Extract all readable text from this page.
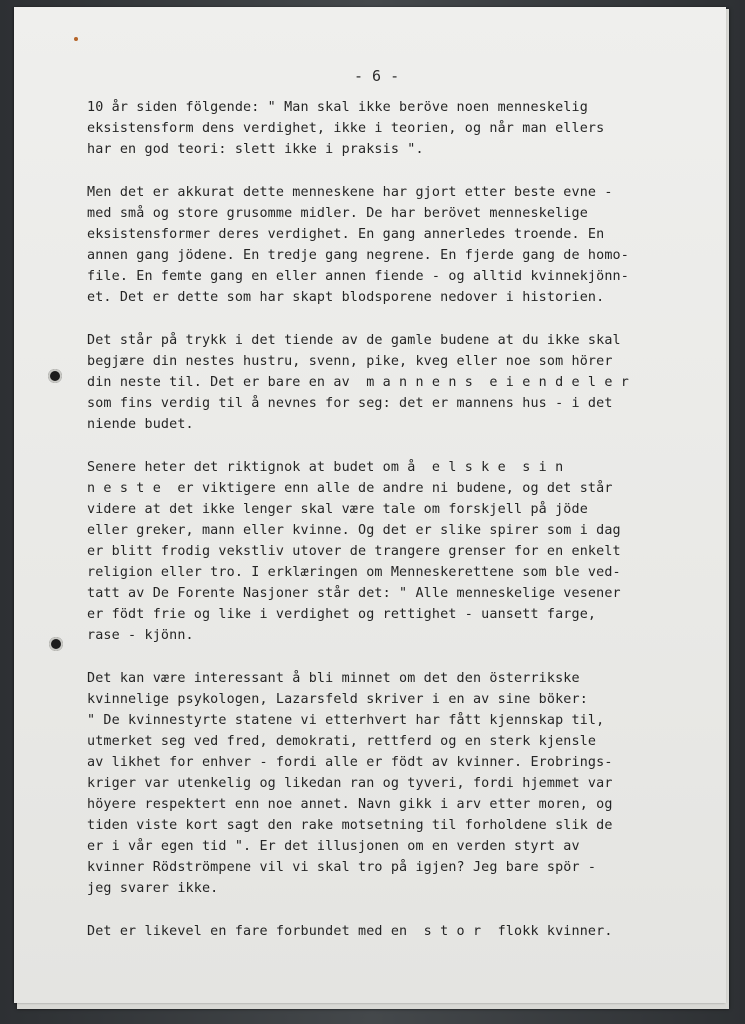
- 6 -
10 år siden fölgende: " Man skal ikke beröve noen menneskelig
eksistensform dens verdighet, ikke i teorien, og når man ellers
har en god teori: slett ikke i praksis ".
Men det er akkurat dette menneskene har gjort etter beste evne -
med små og store grusomme midler. De har berövet menneskelige
eksistensformer deres verdighet. En gang annerledes troende. En
annen gang jödene. En tredje gang negrene. En fjerde gang de homo-
file. En femte gang en eller annen fiende - og alltid kvinnekjönn-
et. Det er dette som har skapt blodsporene nedover i historien.
Det står på trykk i det tiende av de gamle budene at du ikke skal
begjære din nestes hustru, svenn, pike, kveg eller noe som hörer
din neste til. Det er bare en av  m a n n e n s  e i e n d e l e r
som fins verdig til å nevnes for seg: det er mannens hus - i det
niende budet.
Senere heter det riktignok at budet om å  e l s k e  s i n
n e s t e  er viktigere enn alle de andre ni budene, og det står
videre at det ikke lenger skal være tale om forskjell på jöde
eller greker, mann eller kvinne. Og det er slike spirer som i dag
er blitt frodig vekstliv utover de trangere grenser for en enkelt
religion eller tro. I erklæringen om Menneskerettene som ble ved-
tatt av De Forente Nasjoner står det: " Alle menneskelige vesener
er födt frie og like i verdighet og rettighet - uansett farge,
rase - kjönn.
Det kan være interessant å bli minnet om det den österrikske
kvinnelige psykologen, Lazarsfeld skriver i en av sine böker:
" De kvinnestyrte statene vi etterhvert har fått kjennskap til,
utmerket seg ved fred, demokrati, rettferd og en sterk kjensle
av likhet for enhver - fordi alle er födt av kvinner. Erobrings-
kriger var utenkelig og likedan ran og tyveri, fordi hjemmet var
höyere respektert enn noe annet. Navn gikk i arv etter moren, og
tiden viste kort sagt den rake motsetning til forholdene slik de
er i vår egen tid ". Er det illusjonen om en verden styrt av
kvinner Rödströmpene vil vi skal tro på igjen? Jeg bare spör -
jeg svarer ikke.
Det er likevel en fare forbundet med en  s t o r  flokk kvinner.
